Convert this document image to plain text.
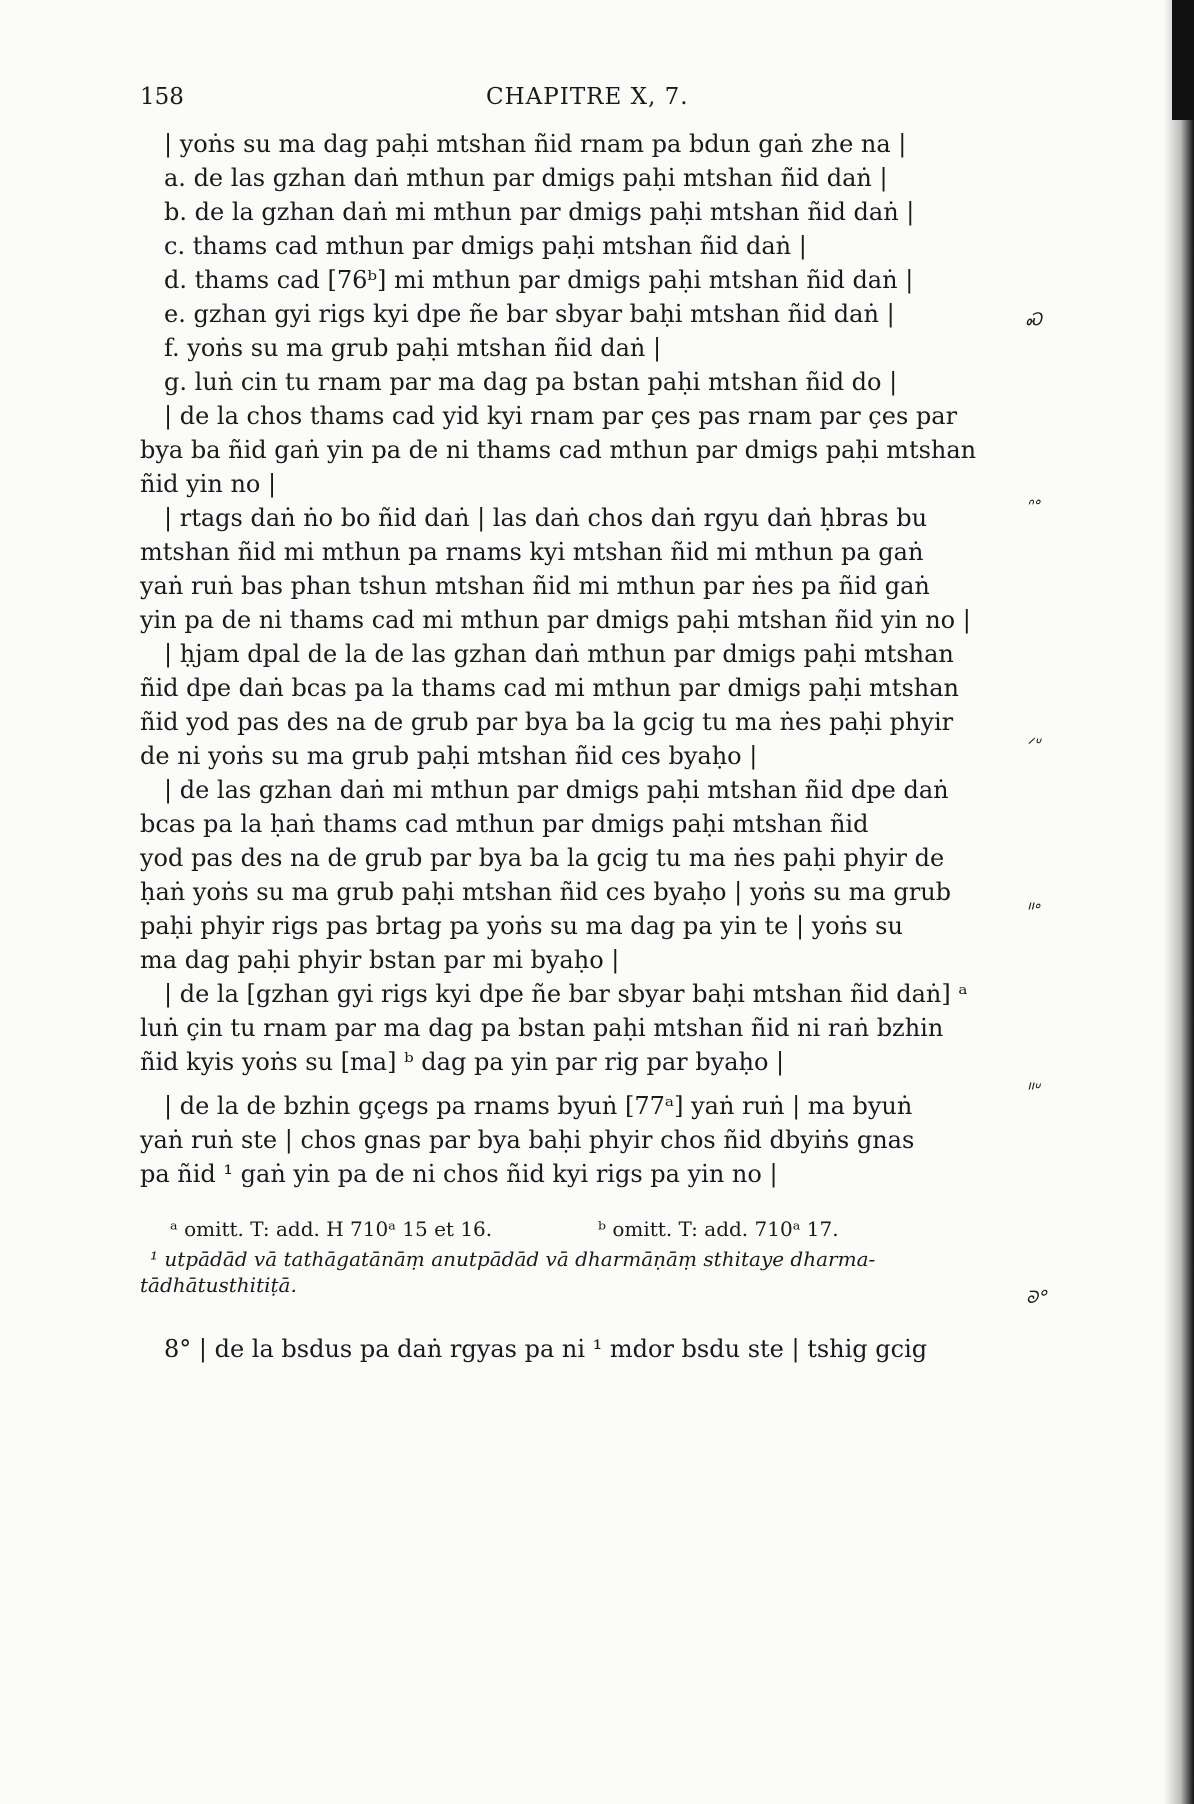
158	CHAPITRE X, 7.
| yoṅs su ma dag paḥi mtshan ñid rnam pa bdun gaṅ zhe na |
a. de las gzhan daṅ mthun par dmigs paḥi mtshan ñid daṅ |
b. de la gzhan daṅ mi mthun par dmigs paḥi mtshan ñid daṅ |
c. thams cad mthun par dmigs paḥi mtshan ñid daṅ |
d. thams cad [76ᵇ] mi mthun par dmigs paḥi mtshan ñid daṅ |
e. gzhan gyi rigs kyi dpe ñe bar sbyar baḥi mtshan ñid daṅ |
f. yoṅs su ma grub paḥi mtshan ñid daṅ |
g. luṅ cin tu rnam par ma dag pa bstan paḥi mtshan ñid do |
| de la chos thams cad yid kyi rnam par çes pas rnam par çes par
bya ba ñid gaṅ yin pa de ni thams cad mthun par dmigs paḥi mtshan
ñid yin no |
| rtags daṅ ṅo bo ñid daṅ | las daṅ chos daṅ rgyu daṅ ḥbras bu
mtshan ñid mi mthun pa rnams kyi mtshan ñid mi mthun pa gaṅ
yaṅ ruṅ bas phan tshun mtshan ñid mi mthun par ṅes pa ñid gaṅ
yin pa de ni thams cad mi mthun par dmigs paḥi mtshan ñid yin no |
| ḥjam dpal de la de las gzhan daṅ mthun par dmigs paḥi mtshan
ñid dpe daṅ bcas pa la thams cad mi mthun par dmigs paḥi mtshan
ñid yod pas des na de grub par bya ba la gcig tu ma ṅes paḥi phyir
de ni yoṅs su ma grub paḥi mtshan ñid ces byaḥo |
| de las gzhan daṅ mi mthun par dmigs paḥi mtshan ñid dpe daṅ
bcas pa la ḥaṅ thams cad mthun par dmigs paḥi mtshan ñid
yod pas des na de grub par bya ba la gcig tu ma ṅes paḥi phyir de
ḥaṅ yoṅs su ma grub paḥi mtshan ñid ces byaḥo | yoṅs su ma grub
paḥi phyir rigs pas brtag pa yoṅs su ma dag pa yin te | yoṅs su
ma dag paḥi phyir bstan par mi byaḥo |
| de la [gzhan gyi rigs kyi dpe ñe bar sbyar baḥi mtshan ñid daṅ] ᵃ
luṅ çin tu rnam par ma dag pa bstan paḥi mtshan ñid ni raṅ bzhin
ñid kyis yoṅs su [ma] ᵇ dag pa yin par rig par byaḥo |
| de la de bzhin gçegs pa rnams byuṅ [77ᵃ] yaṅ ruṅ | ma byuṅ
yaṅ ruṅ ste | chos gnas par bya baḥi phyir chos ñid dbyiṅs gnas
pa ñid ¹ gaṅ yin pa de ni chos ñid kyi rigs pa yin no |
ᵃ omitt. T: add. H 710ᵃ 15 et 16.	ᵇ omitt. T: add. 710ᵃ 17.
¹ utpādād vā tathāgatānāṃ anutpādād vā dharmāṇāṃ sthitaye dharma-
tādhātusthitiṭā.
8° | de la bsdus pa daṅ rgyas pa ni ¹ mdor bsdu ste | tshig gcig
Ꮝ
ᐢᐤ
ᐟᐡ
ᐦᐤ
ᐦᐡ
ᘐᐤ
